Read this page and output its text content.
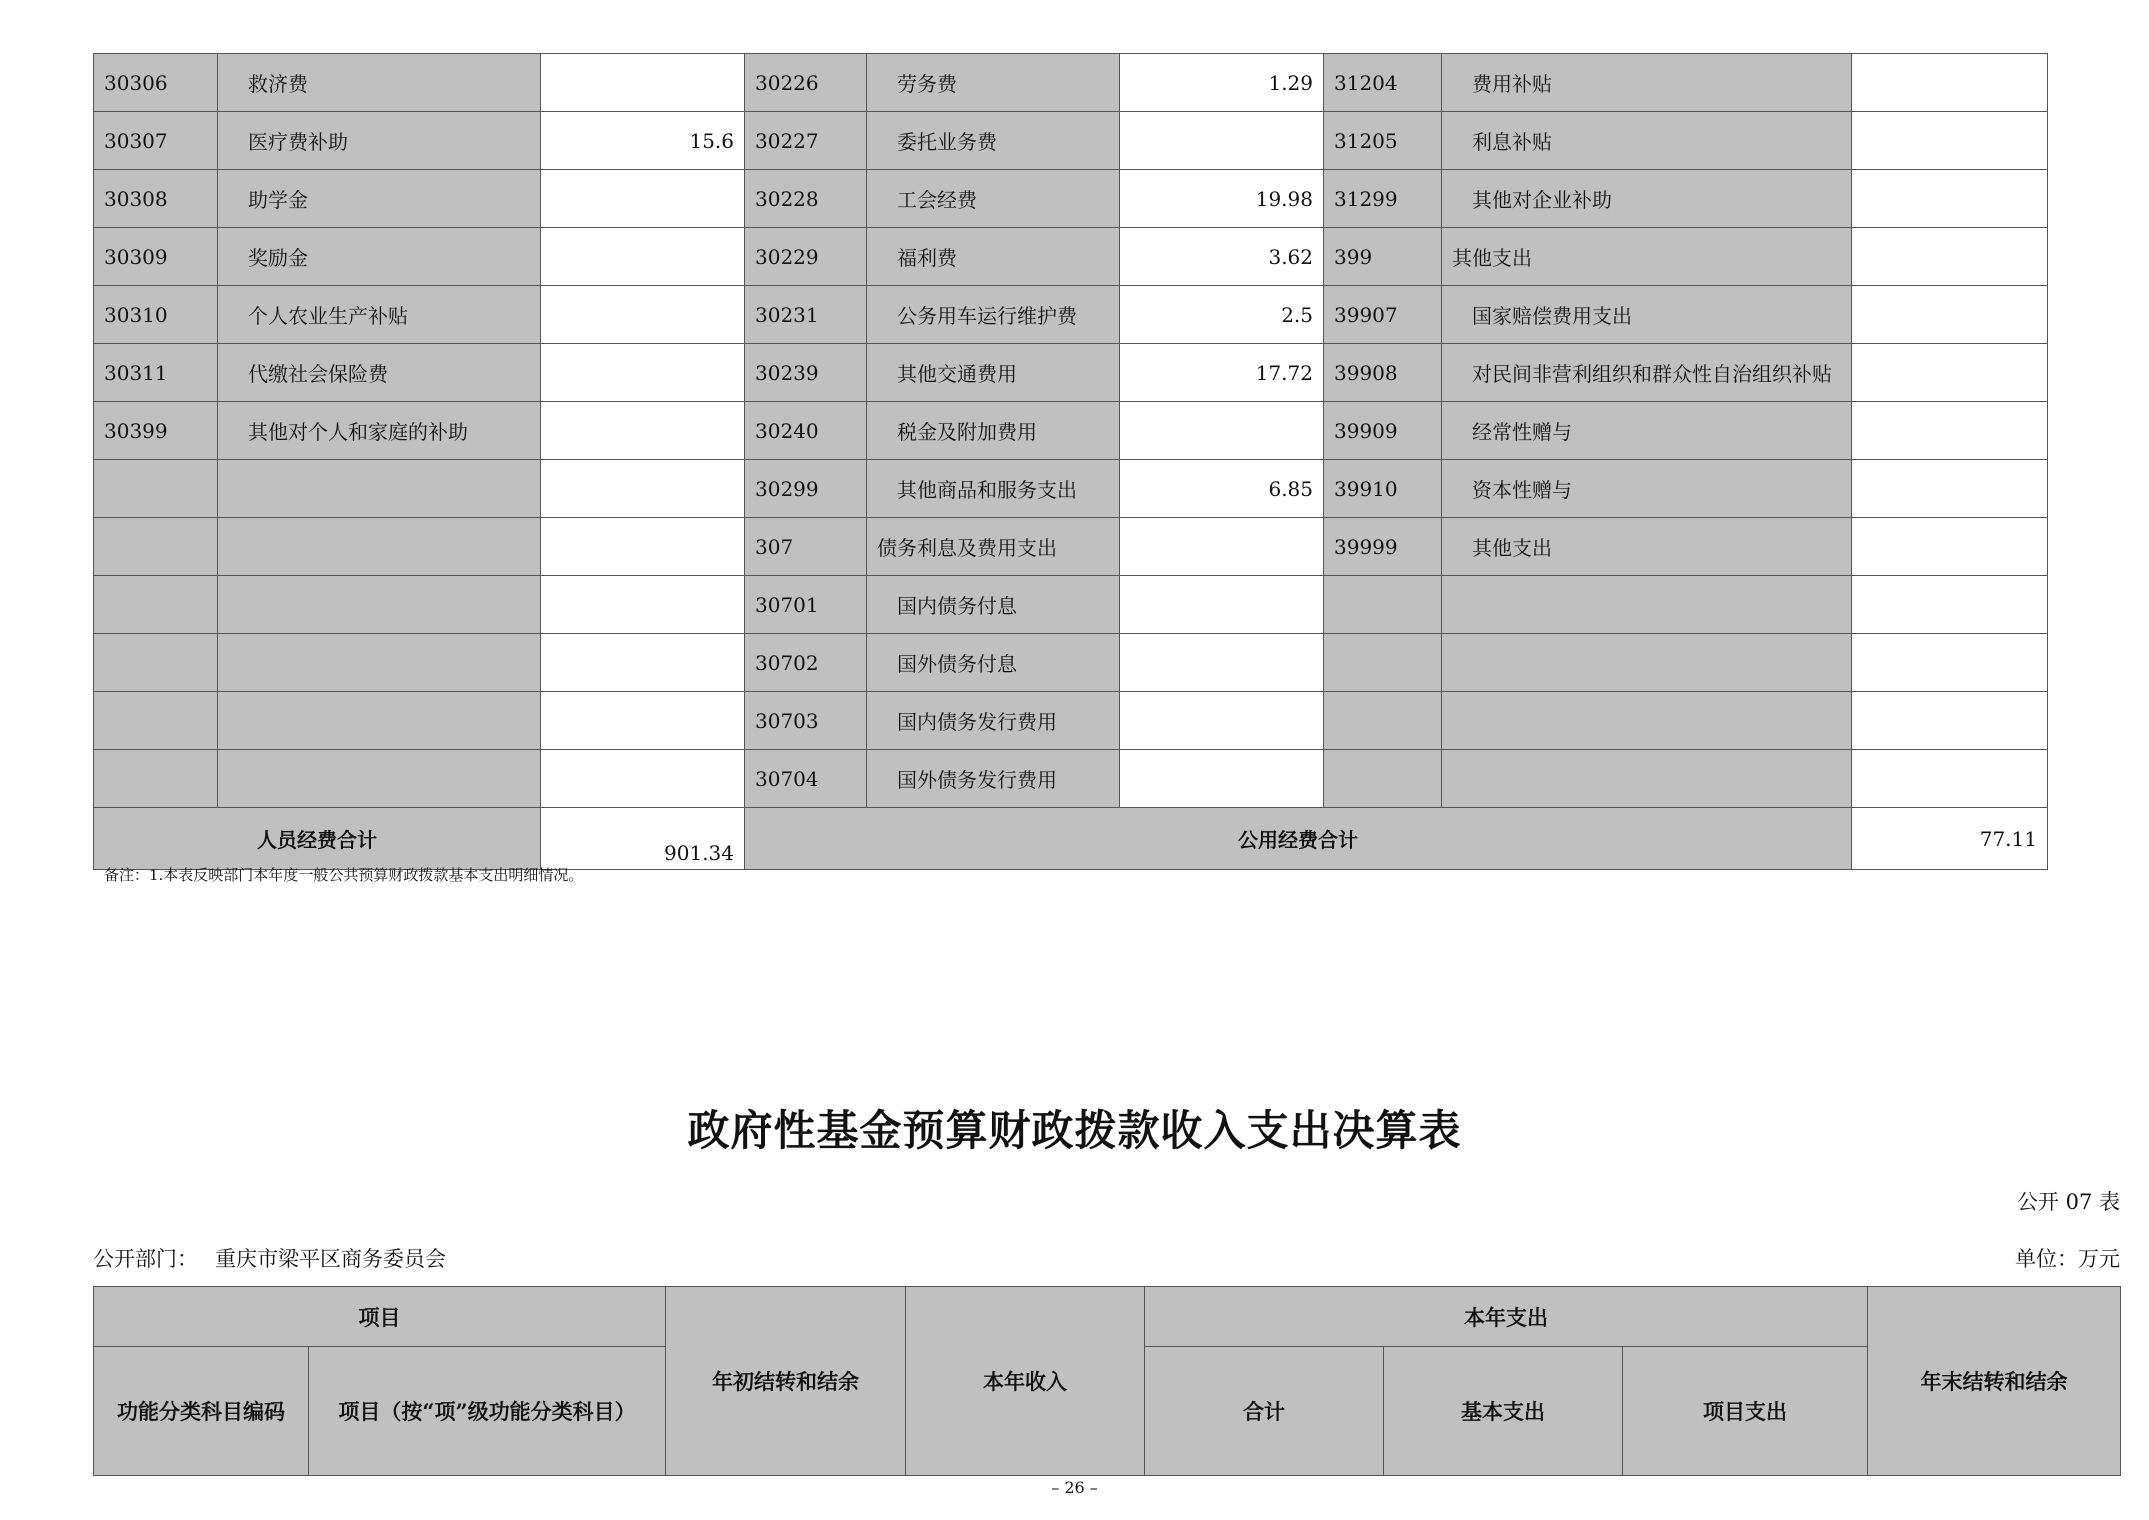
30306	救济费		30226	劳务费	1.29	31204	费用补贴	
30307	医疗费补助	15.6	30227	委托业务费		31205	利息补贴	
30308	助学金		30228	工会经费	19.98	31299	其他对企业补助	
30309	奖励金		30229	福利费	3.62	399	其他支出	
30310	个人农业生产补贴		30231	公务用车运行维护费	2.5	39907	国家赔偿费用支出	
30311	代缴社会保险费		30239	其他交通费用	17.72	39908	对民间非营利组织和群众性自治组织补贴	
30399	其他对个人和家庭的补助		30240	税金及附加费用		39909	经常性赠与	
			30299	其他商品和服务支出	6.85	39910	资本性赠与	
			307	债务利息及费用支出		39999	其他支出	
			30701	国内债务付息				
			30702	国外债务付息				
			30703	国内债务发行费用				
			30704	国外债务发行费用				
人员经费合计		901.34	公用经费合计					77.11
备注：1.本表反映部门本年度一般公共预算财政拨款基本支出明细情况。
政府性基金预算财政拨款收入支出决算表
公开 07 表
公开部门： 重庆市梁平区商务委员会	单位：万元
项目		年初结转和结余	本年收入	本年支出			年末结转和结余
功能分类科目编码	项目（按“项”级功能分类科目）			合计	基本支出	项目支出	
– 26 –
